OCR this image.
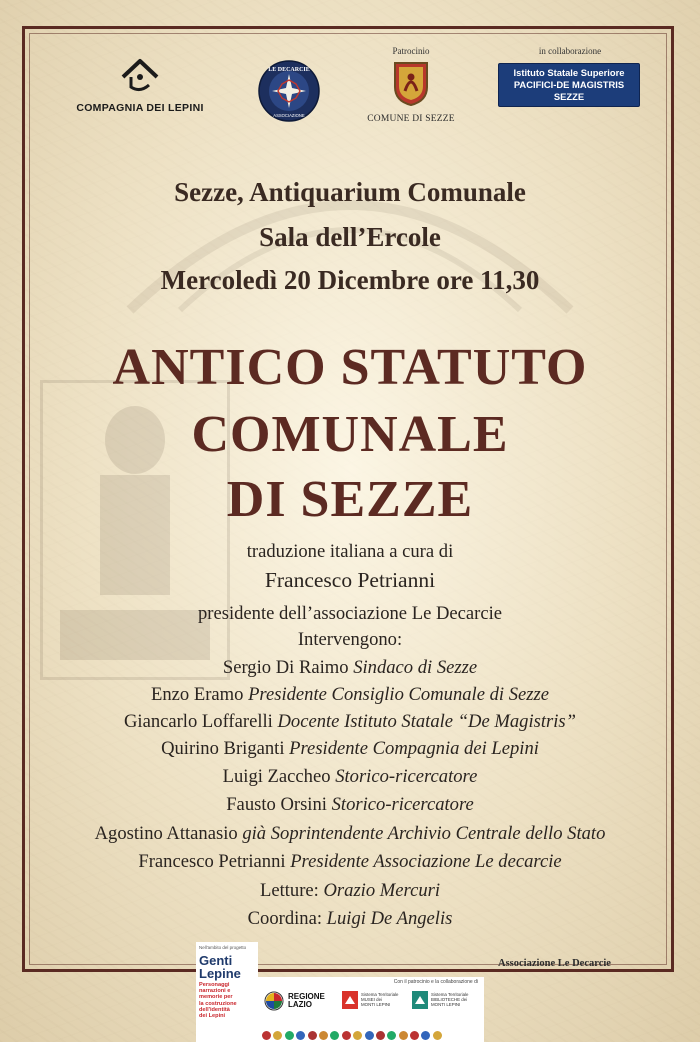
COMPAGNIA DEI LEPINI
LE DECARCIE
ASSOCIAZIONE
Patrocinio
COMUNE DI SEZZE
in collaborazione
Istituto Statale Superiore
PACIFICI-DE MAGISTRIS
SEZZE
Sezze, Antiquarium Comunale
Sala dell’Ercole
Mercoledì 20 Dicembre ore 11,30
ANTICO STATUTO
COMUNALE
DI SEZZE
traduzione italiana a cura di
Francesco Petrianni
presidente dell’associazione Le Decarcie
Intervengono:
Sergio Di Raimo Sindaco di Sezze
Enzo Eramo Presidente Consiglio Comunale di Sezze
Giancarlo Loffarelli Docente Istituto Statale “De Magistris”
Quirino Briganti Presidente Compagnia dei Lepini
Luigi Zaccheo Storico-ricercatore
Fausto Orsini Storico-ricercatore
Agostino Attanasio già Soprintendente Archivio Centrale dello Stato
Francesco Petrianni Presidente Associazione Le decarcie
Letture: Orazio Mercuri
Coordina: Luigi De Angelis
Associazione Le Decarcie
Nell'ambito del progetto
Genti
Lepine
Personaggi
narrazioni e
memorie per
la costruzione
dell'identità
dei Lepini
Con il patrocinio e la collaborazione di
REGIONE
LAZIO
Sistema Territoriale
MUSEI dei
MONTI LEPINI
Sistema Territoriale
BIBLIOTECHE dei
MONTI LEPINI
